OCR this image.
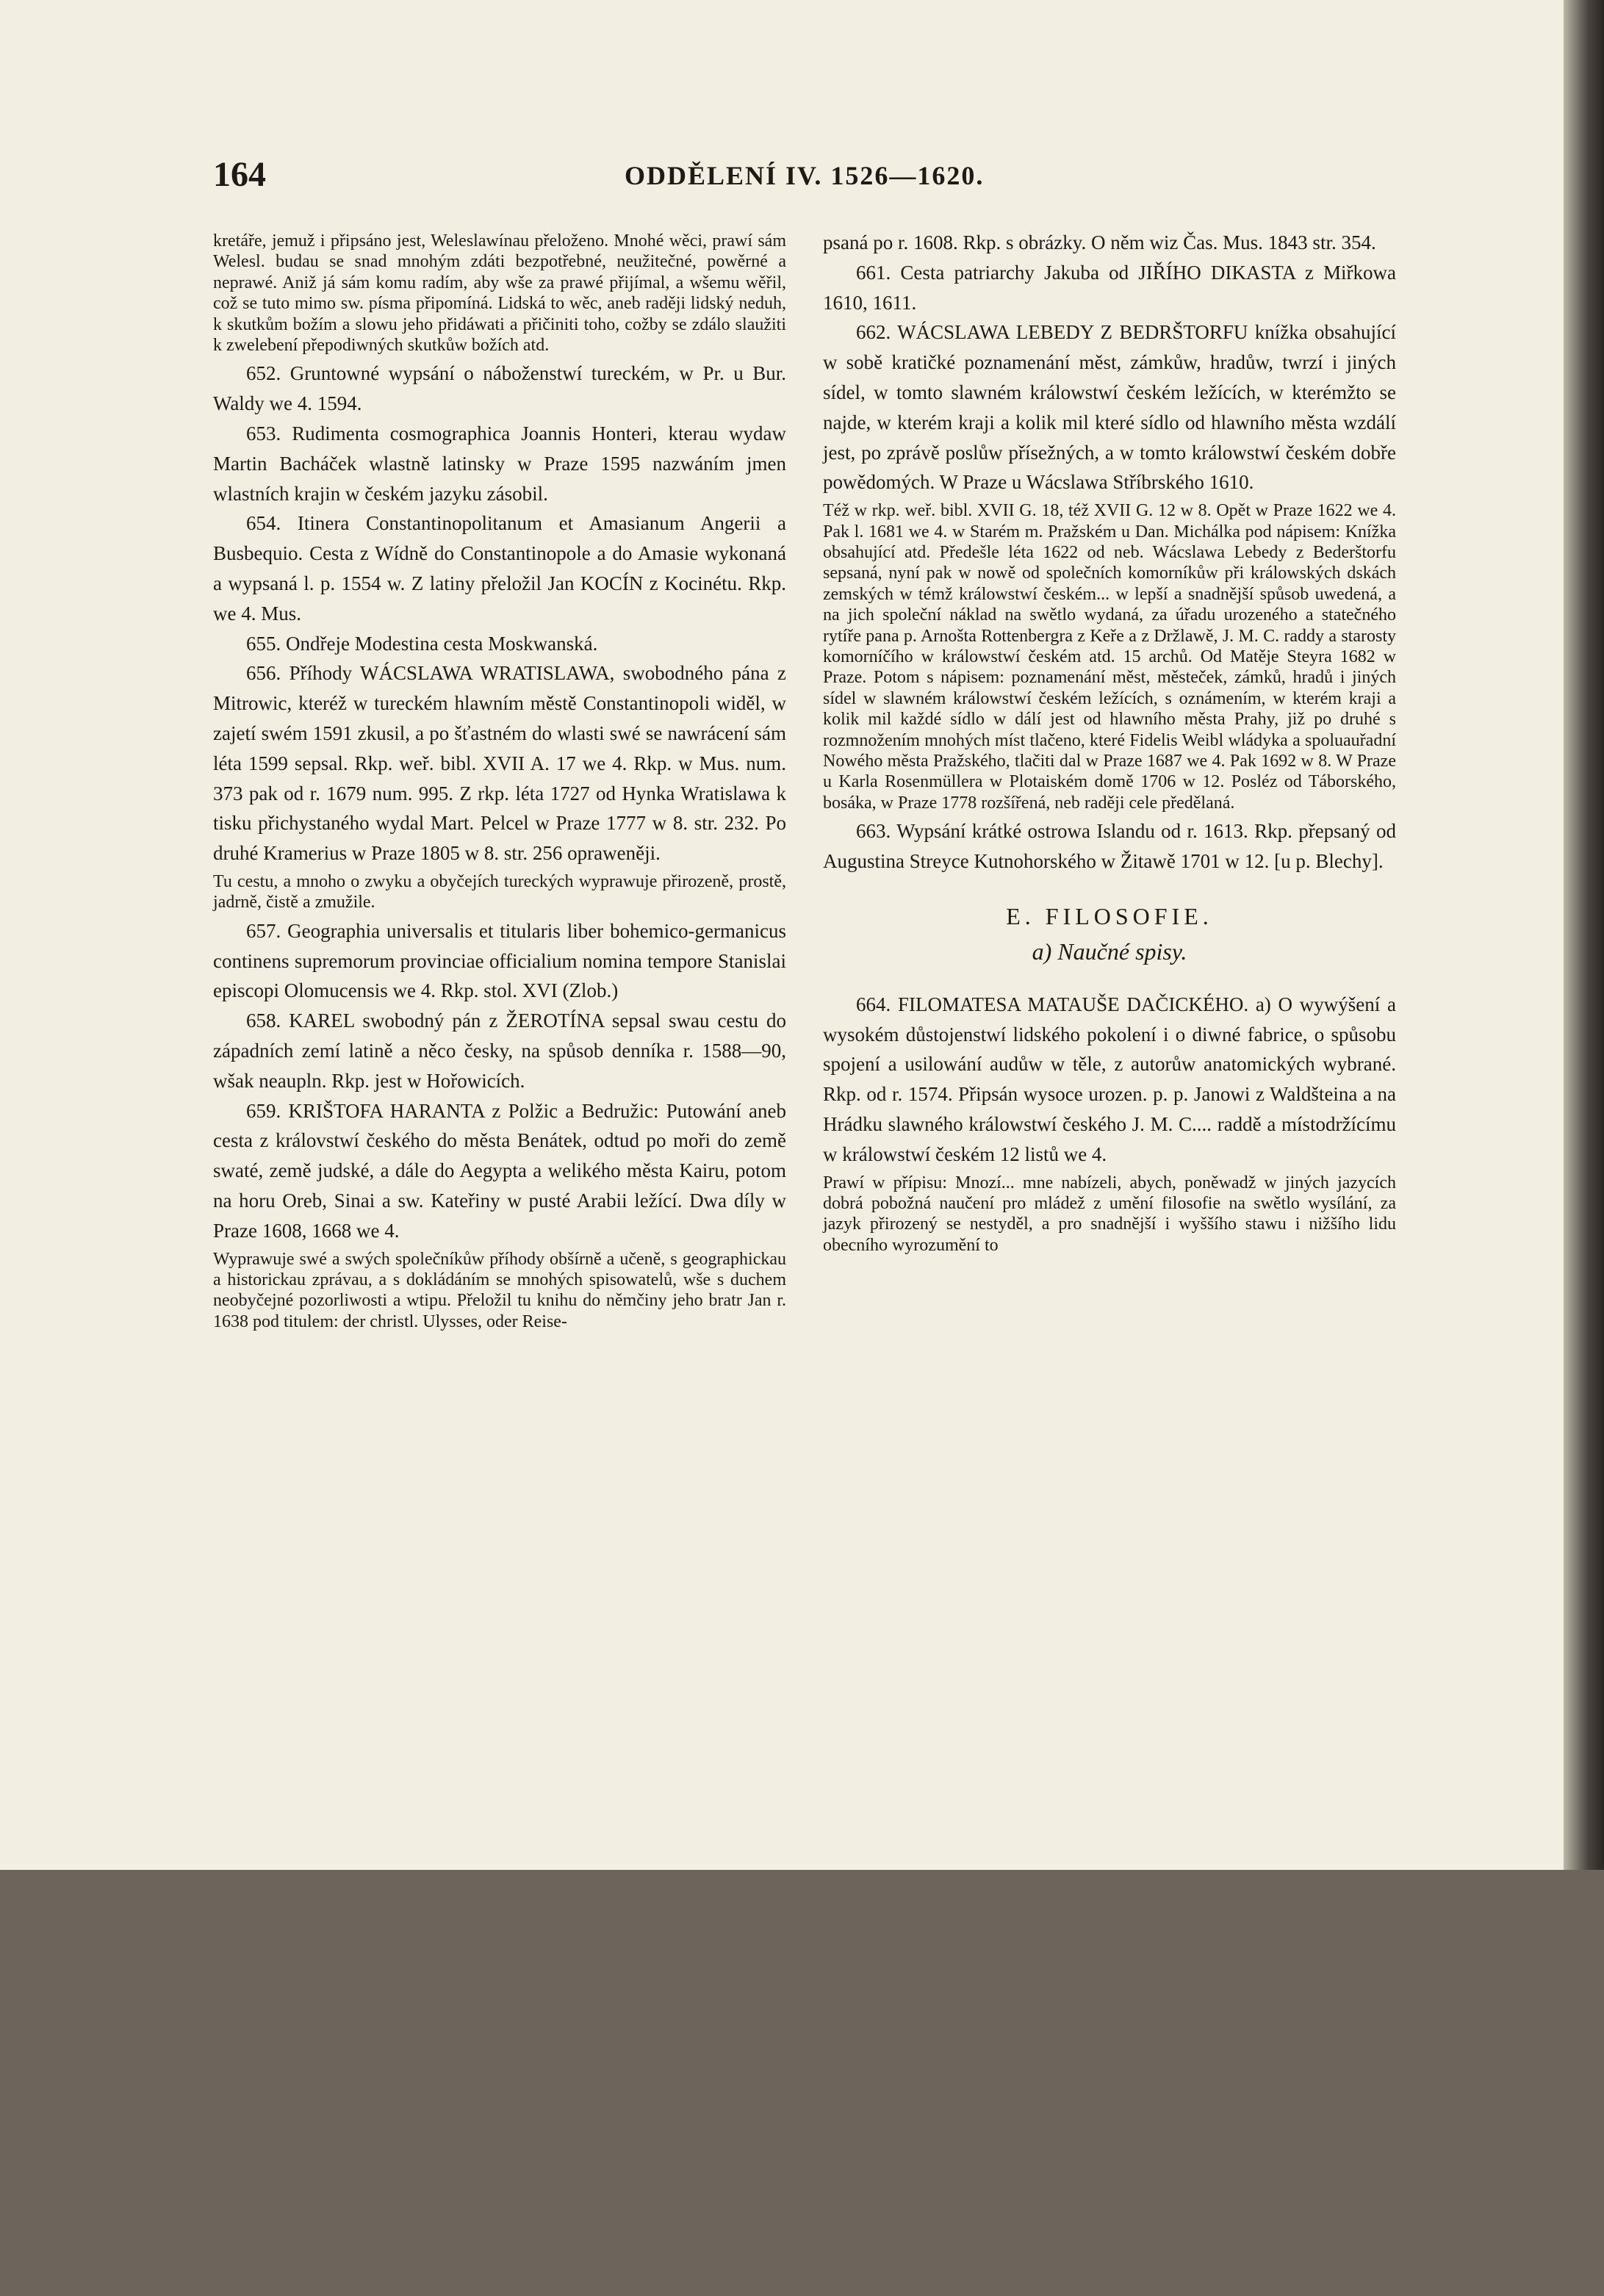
164	ODDĚLENÍ IV. 1526—1620.

kretáře, jemuž i připsáno jest, Weleslawínau přeloženo. Mnohé wěci, prawí sám Welesl. budau se snad mnohým zdáti bezpotřebné, neužitečné, powěrné a neprawé. Aniž já sám komu radím, aby wše za prawé přijímal, a wšemu wěřil, což se tuto mimo sw. písma připomíná. Lidská to wěc, aneb raději lidský neduh, k skutkům božím a slowu jeho přidáwati a přičiniti toho, cožby se zdálo slaužiti k zwelebení přepodiwných skutkůw božích atd.

652. Gruntowné wypsání o náboženstwí tureckém, w Pr. u Bur. Waldy we 4. 1594.

653. Rudimenta cosmographica Joannis Honteri, kterau wydaw Martin Bacháček wlastně latinsky w Praze 1595 nazwáním jmen wlastních krajin w českém jazyku zásobil.

654. Itinera Constantinopolitanum et Amasianum Angerii a Busbequio. Cesta z Wídně do Constantinopole a do Amasie wykonaná a wypsaná l. p. 1554 w. Z latiny přeložil Jan KOCÍN z Kocinétu. Rkp. we 4. Mus.

655. Ondřeje Modestina cesta Moskwanská.

656. Příhody WÁCSLAWA WRATISLAWA, swobodného pána z Mitrowic, kteréž w tureckém hlawním městě Constantinopoli widěl, w zajetí swém 1591 zkusil, a po šťastném do wlasti swé se nawrácení sám léta 1599 sepsal. Rkp. weř. bibl. XVII A. 17 we 4. Rkp. w Mus. num. 373 pak od r. 1679 num. 995. Z rkp. léta 1727 od Hynka Wratislawa k tisku přichystaného wydal Mart. Pelcel w Praze 1777 w 8. str. 232. Po druhé Kramerius w Praze 1805 w 8. str. 256 opraweněji.

Tu cestu, a mnoho o zwyku a obyčejích tureckých wyprawuje přirozeně, prostě, jadrně, čistě a zmužile.

657. Geographia universalis et titularis liber bohemico-germanicus continens supremorum provinciae officialium nomina tempore Stanislai episcopi Olomucensis we 4. Rkp. stol. XVI (Zlob.)

658. KAREL swobodný pán z ŽEROTÍNA sepsal swau cestu do západních zemí latině a něco česky, na spůsob denníka r. 1588—90, wšak neaupln. Rkp. jest w Hořowicích.

659. KRIŠTOFA HARANTA z Polžic a Bedružic: Putowání aneb cesta z královstwí českého do města Benátek, odtud po moři do země swaté, země judské, a dále do Aegypta a welikého města Kairu, potom na horu Oreb, Sinai a sw. Kateřiny w pusté Arabii ležící. Dwa díly w Praze 1608, 1668 we 4.

Wyprawuje swé a swých společníkůw příhody obšírně a učeně, s geographickau a historickau zprávau, a s dokládáním se mnohých spisowatelů, wše s duchem neobyčejné pozorliwosti a wtipu. Přeložil tu knihu do němčiny jeho bratr Jan r. 1638 pod titulem: der christl. Ulysses, oder Reise-

psaná po r. 1608. Rkp. s obrázky. O něm wiz Čas. Mus. 1843 str. 354.

661. Cesta patriarchy Jakuba od JIŘÍHO DIKASTA z Miřkowa 1610, 1611.

662. WÁCSLAWA LEBEDY Z BEDRŠTORFU knížka obsahující w sobě kratičké poznamenání měst, zámkůw, hradůw, twrzí i jiných sídel, w tomto slawném králowstwí českém ležících, w kterémžto se najde, w kterém kraji a kolik mil které sídlo od hlawního města wzdálí jest, po zprávě poslůw přísežných, a w tomto králowstwí českém dobře powědomých. W Praze u Wácslawa Stříbrského 1610.

Též w rkp. weř. bibl. XVII G. 18, též XVII G. 12 w 8. Opět w Praze 1622 we 4. Pak l. 1681 we 4. w Starém m. Pražském u Dan. Michálka pod nápisem: Knížka obsahující atd. Předešle léta 1622 od neb. Wácslawa Lebedy z Bederštorfu sepsaná, nyní pak w nowě od společních komorníkůw při králowských dskách zemských w témž králowstwí českém... w lepší a snadnější spůsob uwedená, a na jich společní náklad na swětlo wydaná, za úřadu urozeného a statečného rytíře pana p. Arnošta Rottenbergra z Keře a z Držlawě, J. M. C. raddy a starosty komorníčího w králowstwí českém atd. 15 archů. Od Matěje Steyra 1682 w Praze. Potom s nápisem: poznamenání měst, městeček, zámků, hradů i jiných sídel w slawném králowstwí českém ležících, s oznámením, w kterém kraji a kolik mil každé sídlo w dálí jest od hlawního města Prahy, již po druhé s rozmnožením mnohých míst tlačeno, které Fidelis Weibl wládyka a spoluauřadní Nowého města Pražského, tlačiti dal w Praze 1687 we 4. Pak 1692 w 8. W Praze u Karla Rosenmüllera w Plotaiském domě 1706 w 12. Posléz od Táborského, bosáka, w Praze 1778 rozšířená, neb raději cele předělaná.

663. Wypsání krátké ostrowa Islandu od r. 1613. Rkp. přepsaný od Augustina Streyce Kutnohorského w Žitawě 1701 w 12. [u p. Blechy].

E. FILOSOFIE.

a) Naučné spisy.

664. FILOMATESA MATAUŠE DAČICKÉHO. a) O wywýšení a wysokém důstojenstwí lidského pokolení i o diwné fabrice, o spůsobu spojení a usilowání audůw w těle, z autorůw anatomických wybrané. Rkp. od r. 1574. Připsán wysoce urozen. p. p. Janowi z Waldšteina a na Hrádku slawného králowstwí českého J. M. C.... raddě a místodržícímu w králowstwí českém 12 listů we 4.

Prawí w přípisu: Mnozí... mne nabízeli, abych, poněwadž w jiných jazycích dobrá pobožná naučení pro mládež z umění filosofie na swětlo wysílání, za jazyk přirozený se nestyděl, a pro snadnější i wyššího stawu i nižšího lidu obecního wyrozumění to
